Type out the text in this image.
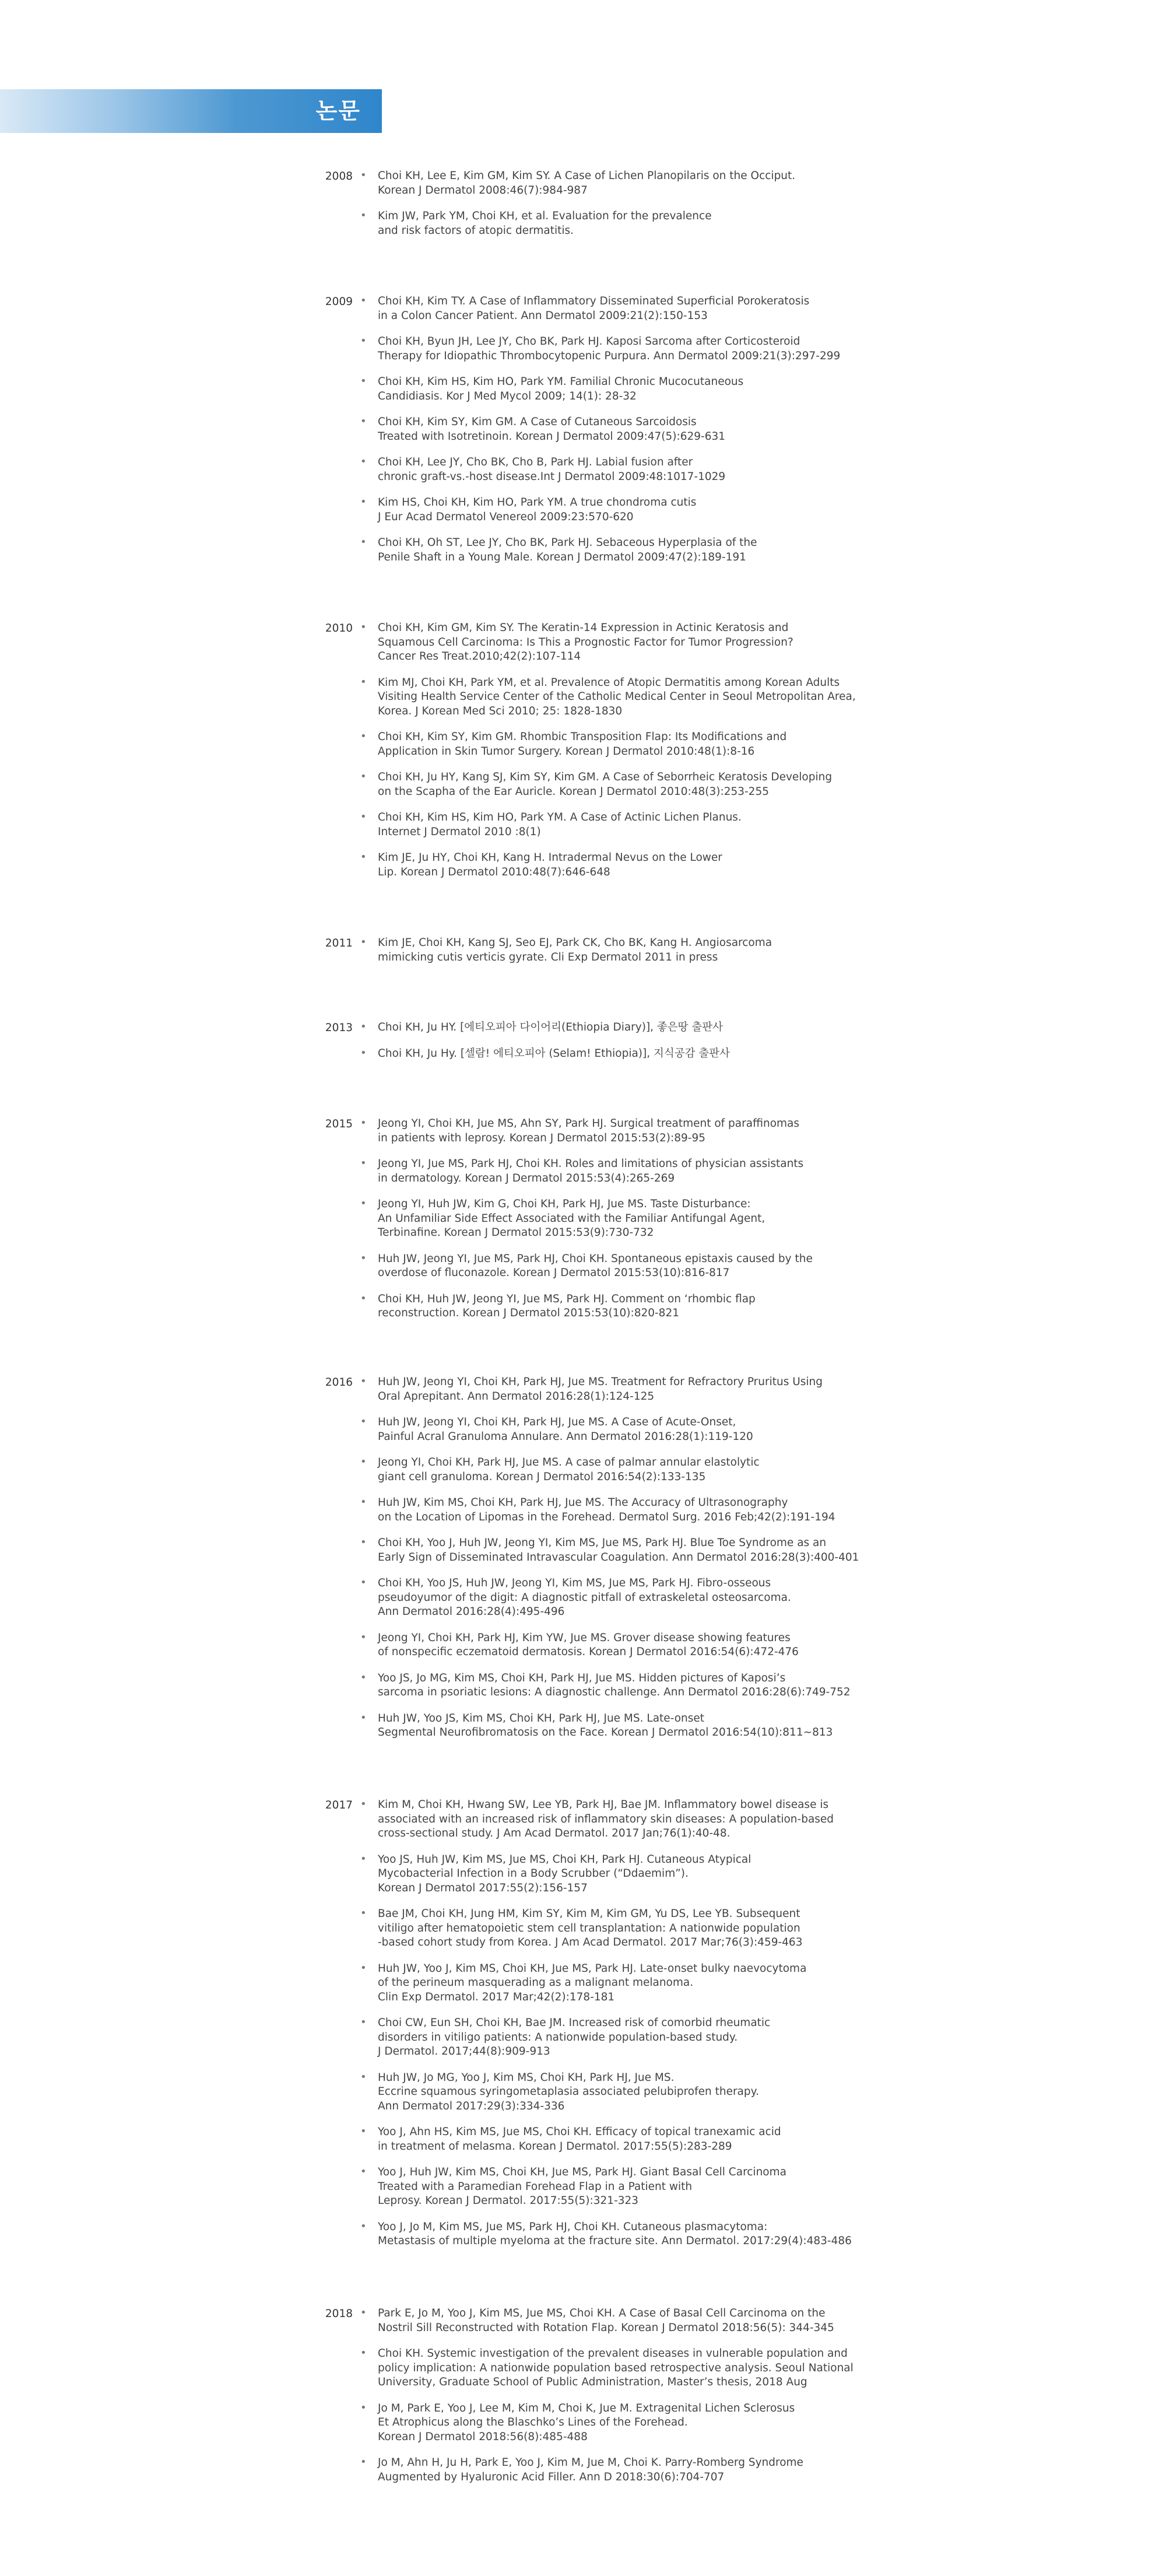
논문
2008 • Choi KH, Lee E, Kim GM, Kim SY. A Case of Lichen Planopilaris on the Occiput.
Korean J Dermatol 2008:46(7):984-987
• Kim JW, Park YM, Choi KH, et al. Evaluation for the prevalence
and risk factors of atopic dermatitis.
2009 • Choi KH, Kim TY. A Case of Inflammatory Disseminated Superficial Porokeratosis
in a Colon Cancer Patient. Ann Dermatol 2009:21(2):150-153
• Choi KH, Byun JH, Lee JY, Cho BK, Park HJ. Kaposi Sarcoma after Corticosteroid
Therapy for Idiopathic Thrombocytopenic Purpura. Ann Dermatol 2009:21(3):297-299
• Choi KH, Kim HS, Kim HO, Park YM. Familial Chronic Mucocutaneous
Candidiasis. Kor J Med Mycol 2009; 14(1): 28-32
• Choi KH, Kim SY, Kim GM. A Case of Cutaneous Sarcoidosis
Treated with Isotretinoin. Korean J Dermatol 2009:47(5):629-631
• Choi KH, Lee JY, Cho BK, Cho B, Park HJ. Labial fusion after
chronic graft-vs.-host disease.Int J Dermatol 2009:48:1017-1029
• Kim HS, Choi KH, Kim HO, Park YM. A true chondroma cutis
J Eur Acad Dermatol Venereol 2009:23:570-620
• Choi KH, Oh ST, Lee JY, Cho BK, Park HJ. Sebaceous Hyperplasia of the
Penile Shaft in a Young Male. Korean J Dermatol 2009:47(2):189-191
2010 • Choi KH, Kim GM, Kim SY. The Keratin-14 Expression in Actinic Keratosis and
Squamous Cell Carcinoma: Is This a Prognostic Factor for Tumor Progression?
Cancer Res Treat.2010;42(2):107-114
• Kim MJ, Choi KH, Park YM, et al. Prevalence of Atopic Dermatitis among Korean Adults
Visiting Health Service Center of the Catholic Medical Center in Seoul Metropolitan Area,
Korea. J Korean Med Sci 2010; 25: 1828-1830
• Choi KH, Kim SY, Kim GM. Rhombic Transposition Flap: Its Modifications and
Application in Skin Tumor Surgery. Korean J Dermatol 2010:48(1):8-16
• Choi KH, Ju HY, Kang SJ, Kim SY, Kim GM. A Case of Seborrheic Keratosis Developing
on the Scapha of the Ear Auricle. Korean J Dermatol 2010:48(3):253-255
• Choi KH, Kim HS, Kim HO, Park YM. A Case of Actinic Lichen Planus.
Internet J Dermatol 2010 :8(1)
• Kim JE, Ju HY, Choi KH, Kang H. Intradermal Nevus on the Lower
Lip. Korean J Dermatol 2010:48(7):646-648
2011 • Kim JE, Choi KH, Kang SJ, Seo EJ, Park CK, Cho BK, Kang H. Angiosarcoma
mimicking cutis verticis gyrate. Cli Exp Dermatol 2011 in press
2013 • Choi KH, Ju HY. [에티오피아 다이어리(Ethiopia Diary)], 좋은땅 출판사
• Choi KH, Ju Hy. [셀람! 에티오피아 (Selam! Ethiopia)], 지식공감 출판사
2015 • Jeong YI, Choi KH, Jue MS, Ahn SY, Park HJ. Surgical treatment of paraffinomas
in patients with leprosy. Korean J Dermatol 2015:53(2):89-95
• Jeong YI, Jue MS, Park HJ, Choi KH. Roles and limitations of physician assistants
in dermatology. Korean J Dermatol 2015:53(4):265-269
• Jeong YI, Huh JW, Kim G, Choi KH, Park HJ, Jue MS. Taste Disturbance:
An Unfamiliar Side Effect Associated with the Familiar Antifungal Agent,
Terbinafine. Korean J Dermatol 2015:53(9):730-732
• Huh JW, Jeong YI, Jue MS, Park HJ, Choi KH. Spontaneous epistaxis caused by the
overdose of fluconazole. Korean J Dermatol 2015:53(10):816-817
• Choi KH, Huh JW, Jeong YI, Jue MS, Park HJ. Comment on ‘rhombic flap
reconstruction. Korean J Dermatol 2015:53(10):820-821
2016 • Huh JW, Jeong YI, Choi KH, Park HJ, Jue MS. Treatment for Refractory Pruritus Using
Oral Aprepitant. Ann Dermatol 2016:28(1):124-125
• Huh JW, Jeong YI, Choi KH, Park HJ, Jue MS. A Case of Acute-Onset,
Painful Acral Granuloma Annulare. Ann Dermatol 2016:28(1):119-120
• Jeong YI, Choi KH, Park HJ, Jue MS. A case of palmar annular elastolytic
giant cell granuloma. Korean J Dermatol 2016:54(2):133-135
• Huh JW, Kim MS, Choi KH, Park HJ, Jue MS. The Accuracy of Ultrasonography
on the Location of Lipomas in the Forehead. Dermatol Surg. 2016 Feb;42(2):191-194
• Choi KH, Yoo J, Huh JW, Jeong YI, Kim MS, Jue MS, Park HJ. Blue Toe Syndrome as an
Early Sign of Disseminated Intravascular Coagulation. Ann Dermatol 2016:28(3):400-401
• Choi KH, Yoo JS, Huh JW, Jeong YI, Kim MS, Jue MS, Park HJ. Fibro-osseous
pseudoyumor of the digit: A diagnostic pitfall of extraskeletal osteosarcoma.
Ann Dermatol 2016:28(4):495-496
• Jeong YI, Choi KH, Park HJ, Kim YW, Jue MS. Grover disease showing features
of nonspecific eczematoid dermatosis. Korean J Dermatol 2016:54(6):472-476
• Yoo JS, Jo MG, Kim MS, Choi KH, Park HJ, Jue MS. Hidden pictures of Kaposi’s
sarcoma in psoriatic lesions: A diagnostic challenge. Ann Dermatol 2016:28(6):749-752
• Huh JW, Yoo JS, Kim MS, Choi KH, Park HJ, Jue MS. Late-onset
Segmental Neurofibromatosis on the Face. Korean J Dermatol 2016:54(10):811~813
2017 • Kim M, Choi KH, Hwang SW, Lee YB, Park HJ, Bae JM. Inflammatory bowel disease is
associated with an increased risk of inflammatory skin diseases: A population-based
cross-sectional study. J Am Acad Dermatol. 2017 Jan;76(1):40-48.
• Yoo JS, Huh JW, Kim MS, Jue MS, Choi KH, Park HJ. Cutaneous Atypical
Mycobacterial Infection in a Body Scrubber (“Ddaemim”).
Korean J Dermatol 2017:55(2):156-157
• Bae JM, Choi KH, Jung HM, Kim SY, Kim M, Kim GM, Yu DS, Lee YB. Subsequent
vitiligo after hematopoietic stem cell transplantation: A nationwide population
-based cohort study from Korea. J Am Acad Dermatol. 2017 Mar;76(3):459-463
• Huh JW, Yoo J, Kim MS, Choi KH, Jue MS, Park HJ. Late-onset bulky naevocytoma
of the perineum masquerading as a malignant melanoma.
Clin Exp Dermatol. 2017 Mar;42(2):178-181
• Choi CW, Eun SH, Choi KH, Bae JM. Increased risk of comorbid rheumatic
disorders in vitiligo patients: A nationwide population-based study.
J Dermatol. 2017;44(8):909-913
• Huh JW, Jo MG, Yoo J, Kim MS, Choi KH, Park HJ, Jue MS.
Eccrine squamous syringometaplasia associated pelubiprofen therapy.
Ann Dermatol 2017:29(3):334-336
• Yoo J, Ahn HS, Kim MS, Jue MS, Choi KH. Efficacy of topical tranexamic acid
in treatment of melasma. Korean J Dermatol. 2017:55(5):283-289
• Yoo J, Huh JW, Kim MS, Choi KH, Jue MS, Park HJ. Giant Basal Cell Carcinoma
Treated with a Paramedian Forehead Flap in a Patient with
Leprosy. Korean J Dermatol. 2017:55(5):321-323
• Yoo J, Jo M, Kim MS, Jue MS, Park HJ, Choi KH. Cutaneous plasmacytoma:
Metastasis of multiple myeloma at the fracture site. Ann Dermatol. 2017:29(4):483-486
2018 • Park E, Jo M, Yoo J, Kim MS, Jue MS, Choi KH. A Case of Basal Cell Carcinoma on the
Nostril Sill Reconstructed with Rotation Flap. Korean J Dermatol 2018:56(5): 344-345
• Choi KH. Systemic investigation of the prevalent diseases in vulnerable population and
policy implication: A nationwide population based retrospective analysis. Seoul National
University, Graduate School of Public Administration, Master’s thesis, 2018 Aug
• Jo M, Park E, Yoo J, Lee M, Kim M, Choi K, Jue M. Extragenital Lichen Sclerosus
Et Atrophicus along the Blaschko’s Lines of the Forehead.
Korean J Dermatol 2018:56(8):485-488
• Jo M, Ahn H, Ju H, Park E, Yoo J, Kim M, Jue M, Choi K. Parry-Romberg Syndrome
Augmented by Hyaluronic Acid Filler. Ann D 2018:30(6):704-707
